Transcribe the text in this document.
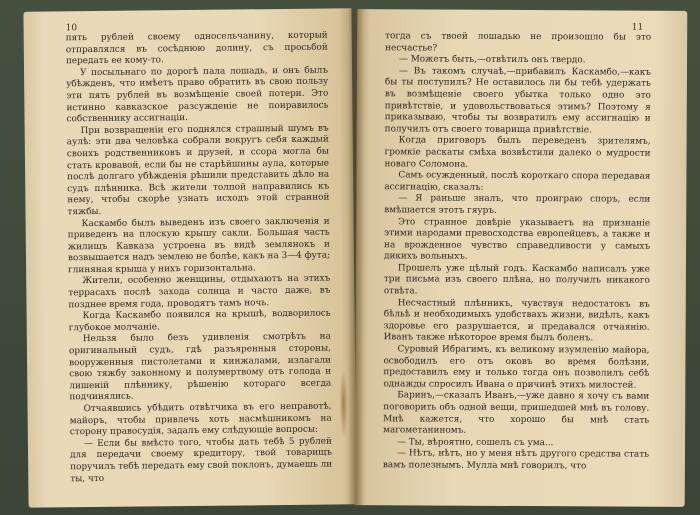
10

пять рублей своему односельчанину, который отправлялся въ сосѣднюю долину, съ просьбой передать ее кому-то.

У посыльнаго по дорогѣ пала лошадь, и онъ былъ убѣжденъ, что имѣетъ право обратить въ свою пользу эти пять рублей въ возмѣщеніе своей потери. Это истинно кавказское разсужденіе не понравилось собственнику ассигнаціи.

При возвращеніи его поднялся страшный шумъ въ аулѣ: эти два человѣка собрали вокругъ себя каждый своихъ родственниковъ и друзей, и ссора могла бы стать кровавой, если бы не старѣйшины аула, которые послѣ долгаго убѣжденія рѣшили представить дѣло на судъ плѣнника. Всѣ жители толпой направились къ нему, чтобы скорѣе узнать исходъ этой странной тяжбы.

Каскамбо былъ выведенъ изъ своего заключенія и приведенъ на плоскую крышу сакли. Большая часть жилищъ Кавказа устроена въ видѣ землянокъ и возвышается надъ землею не болѣе, какъ на 3—4 фута; глиняная крыша у нихъ горизонтальна.

Жители, особенно женщины, отдыхаютъ на этихъ террасахъ послѣ захода солнца и часто даже, въ позднее время года, проводятъ тамъ ночь.

Когда Каскамбо появился на крышѣ, водворилось глубокое молчаніе.

Нельзя было безъ удивленія смотрѣть на оригинальный судъ, гдѣ разъяренныя стороны, вооруженныя пистолетами и кинжалами, излагали свою тяжбу законному и полумертвому отъ голода и лишеній плѣннику, рѣшенію котораго всегда подчинялись.

Отчаявшись убѣдить отвѣтчика въ его неправотѣ, майоръ, чтобы привлечь хоть насмѣшникомъ на сторону правосудія, задалъ ему слѣдующіе вопросы:

— Если бы вмѣсто того, чтобы дать тебѣ 5 рублей для передачи своему кредитору, твой товарищъ поручилъ тебѣ передать ему свой поклонъ, думаешь ли ты, что

11

тогда съ твоей лошадью не произошло бы это несчастье?

— Можетъ быть,—отвѣтилъ онъ твердо.

— Въ такомъ случаѣ,—прибавилъ Каскамбо,—какъ бы ты поступилъ? Не оставилось ли бы тебѣ удержать въ возмѣщеніе своего убытка только одно это привѣтствіе, и удовольствоваться этимъ? Поэтому я приказываю, чтобы ты возвратилъ ему ассигнацію и получилъ отъ своего товарища привѣтствіе.

Когда приговоръ былъ переведенъ зрителямъ, громкіе раскаты смѣха возвѣстили далеко о мудрости новаго Соломона.

Самъ осужденный, послѣ короткаго спора передавая ассигнацію, сказалъ:

— Я раньше зналъ, что проиграю споръ, если вмѣшается этотъ гяуръ.

Это странное довѣріе указываетъ на признаніе этими народами превосходства европейцевъ, а также и на врожденное чувство справедливости у самыхъ дикихъ вольныхъ.

Прошелъ уже цѣлый годъ. Каскамбо написалъ уже три письма изъ своего плѣна, но получилъ никакого отвѣта.

Несчастный плѣнникъ, чувствуя недостатокъ въ бѣльѣ и необходимыхъ удобствахъ жизни, видѣлъ, какъ здоровье его разрушается, и предавался отчаянію. Иванъ также нѣкоторое время былъ боленъ.

Суровый Ибрагимъ, къ великому изумленію майора, освободилъ его отъ оковъ во время болѣзни, предоставилъ ему и только тогда онъ позволилъ себѣ однажды спросилъ Ивана о причинѣ этихъ милостей.

Баринъ,—сказалъ Иванъ,—уже давно я хочу съ вами поговорить объ одной вещи, пришедшей мнѣ въ голову. Мнѣ кажется, что хорошо бы мнѣ стать магометаниномъ.

— Ты, вѣроятно, сошелъ съ ума...

— Нѣтъ, нѣтъ, но у меня нѣтъ другого средства стать вамъ полезнымъ. Мулла мнѣ говорилъ, что
